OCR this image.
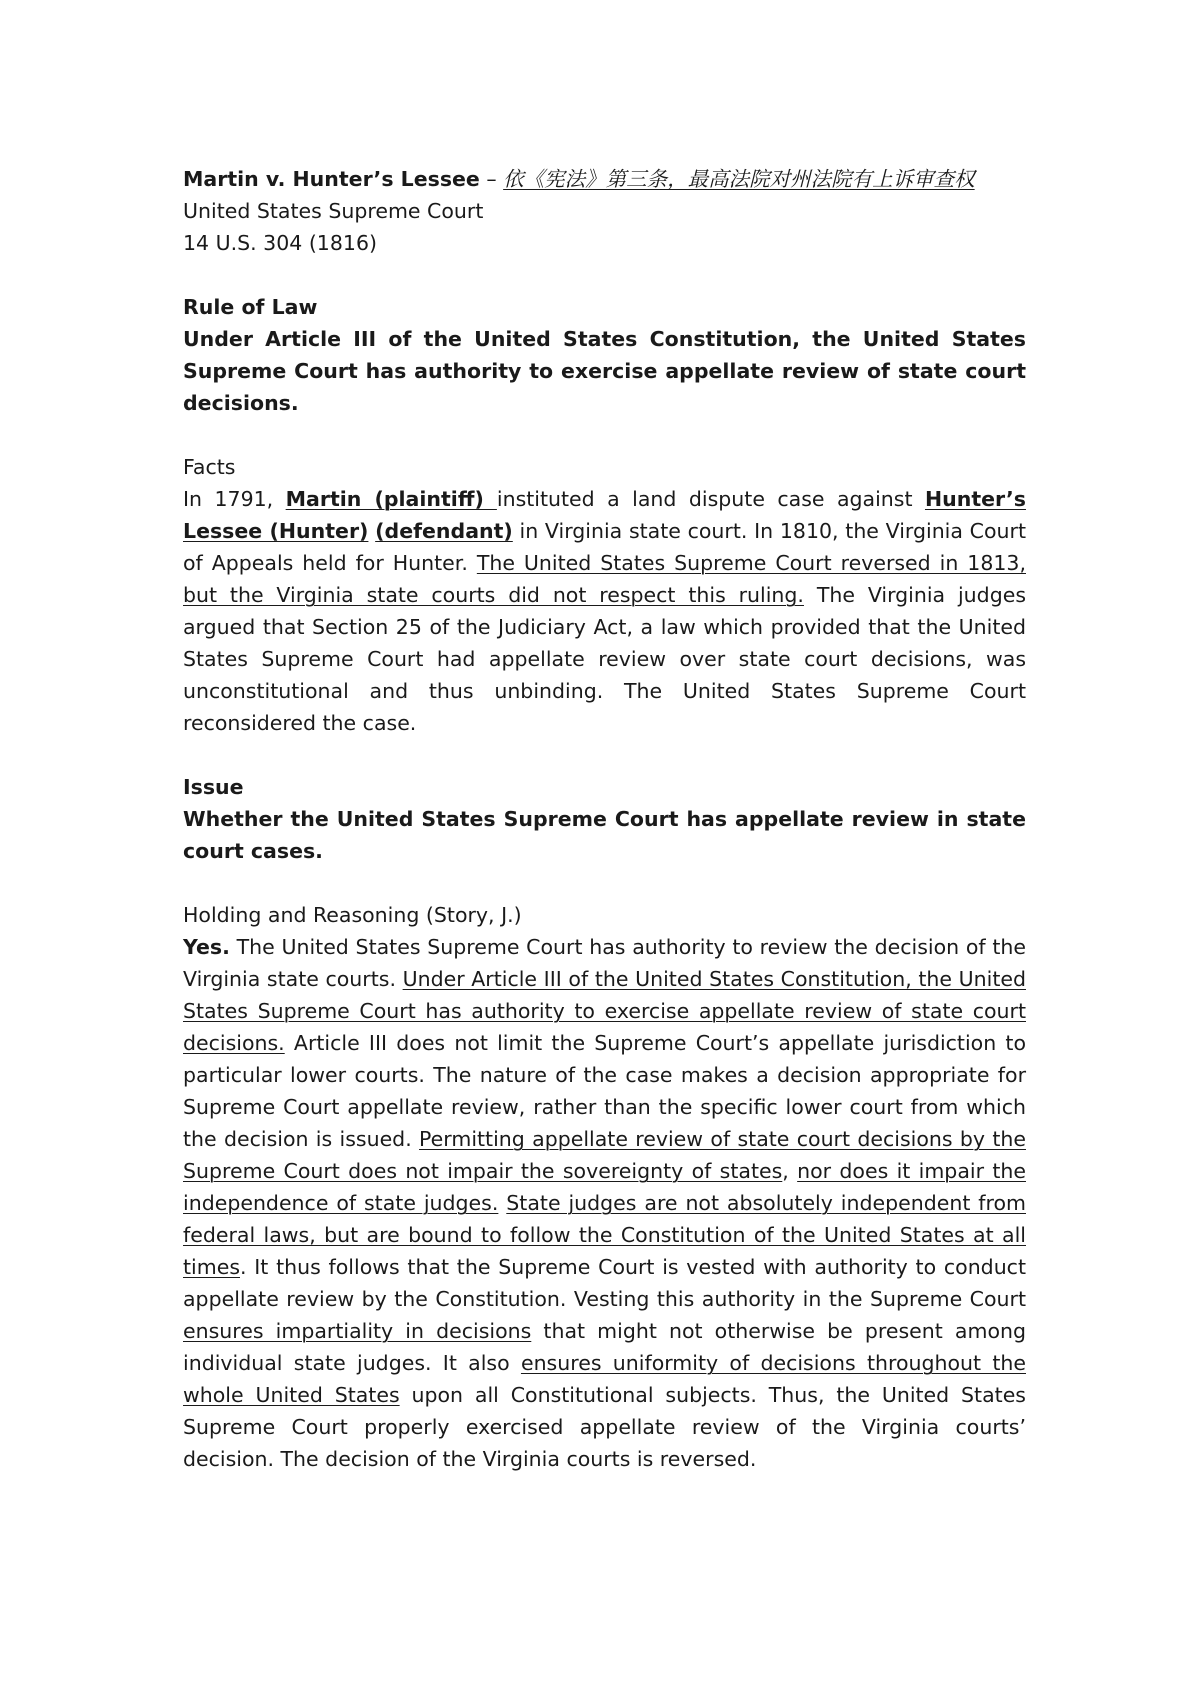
Martin v. Hunter’s Lessee – 依《宪法》第三条，最高法院对州法院有上诉审查权
United States Supreme Court
14 U.S. 304 (1816)
Rule of Law

Under Article III of the United States Constitution, the United States Supreme Court has authority to exercise appellate review of state court decisions.

Facts

In 1791, Martin (plaintiff) instituted a land dispute case against Hunter’s Lessee (Hunter) (defendant) in Virginia state court. In 1810, the Virginia Court of Appeals held for Hunter. The United States Supreme Court reversed in 1813, but the Virginia state courts did not respect this ruling. The Virginia judges argued that Section 25 of the Judiciary Act, a law which provided that the United States Supreme Court had appellate review over state court decisions, was unconstitutional and thus unbinding. The United States Supreme Court reconsidered the case.

Issue

Whether the United States Supreme Court has appellate review in state court cases.

Holding and Reasoning (Story, J.)

Yes. The United States Supreme Court has authority to review the decision of the Virginia state courts. Under Article III of the United States Constitution, the United States Supreme Court has authority to exercise appellate review of state court decisions. Article III does not limit the Supreme Court’s appellate jurisdiction to particular lower courts. The nature of the case makes a decision appropriate for Supreme Court appellate review, rather than the specific lower court from which the decision is issued. Permitting appellate review of state court decisions by the Supreme Court does not impair the sovereignty of states, nor does it impair the independence of state judges. State judges are not absolutely independent from federal laws, but are bound to follow the Constitution of the United States at all times. It thus follows that the Supreme Court is vested with authority to conduct appellate review by the Constitution. Vesting this authority in the Supreme Court ensures impartiality in decisions that might not otherwise be present among individual state judges. It also ensures uniformity of decisions throughout the whole United States upon all Constitutional subjects. Thus, the United States Supreme Court properly exercised appellate review of the Virginia courts’ decision. The decision of the Virginia courts is reversed.
